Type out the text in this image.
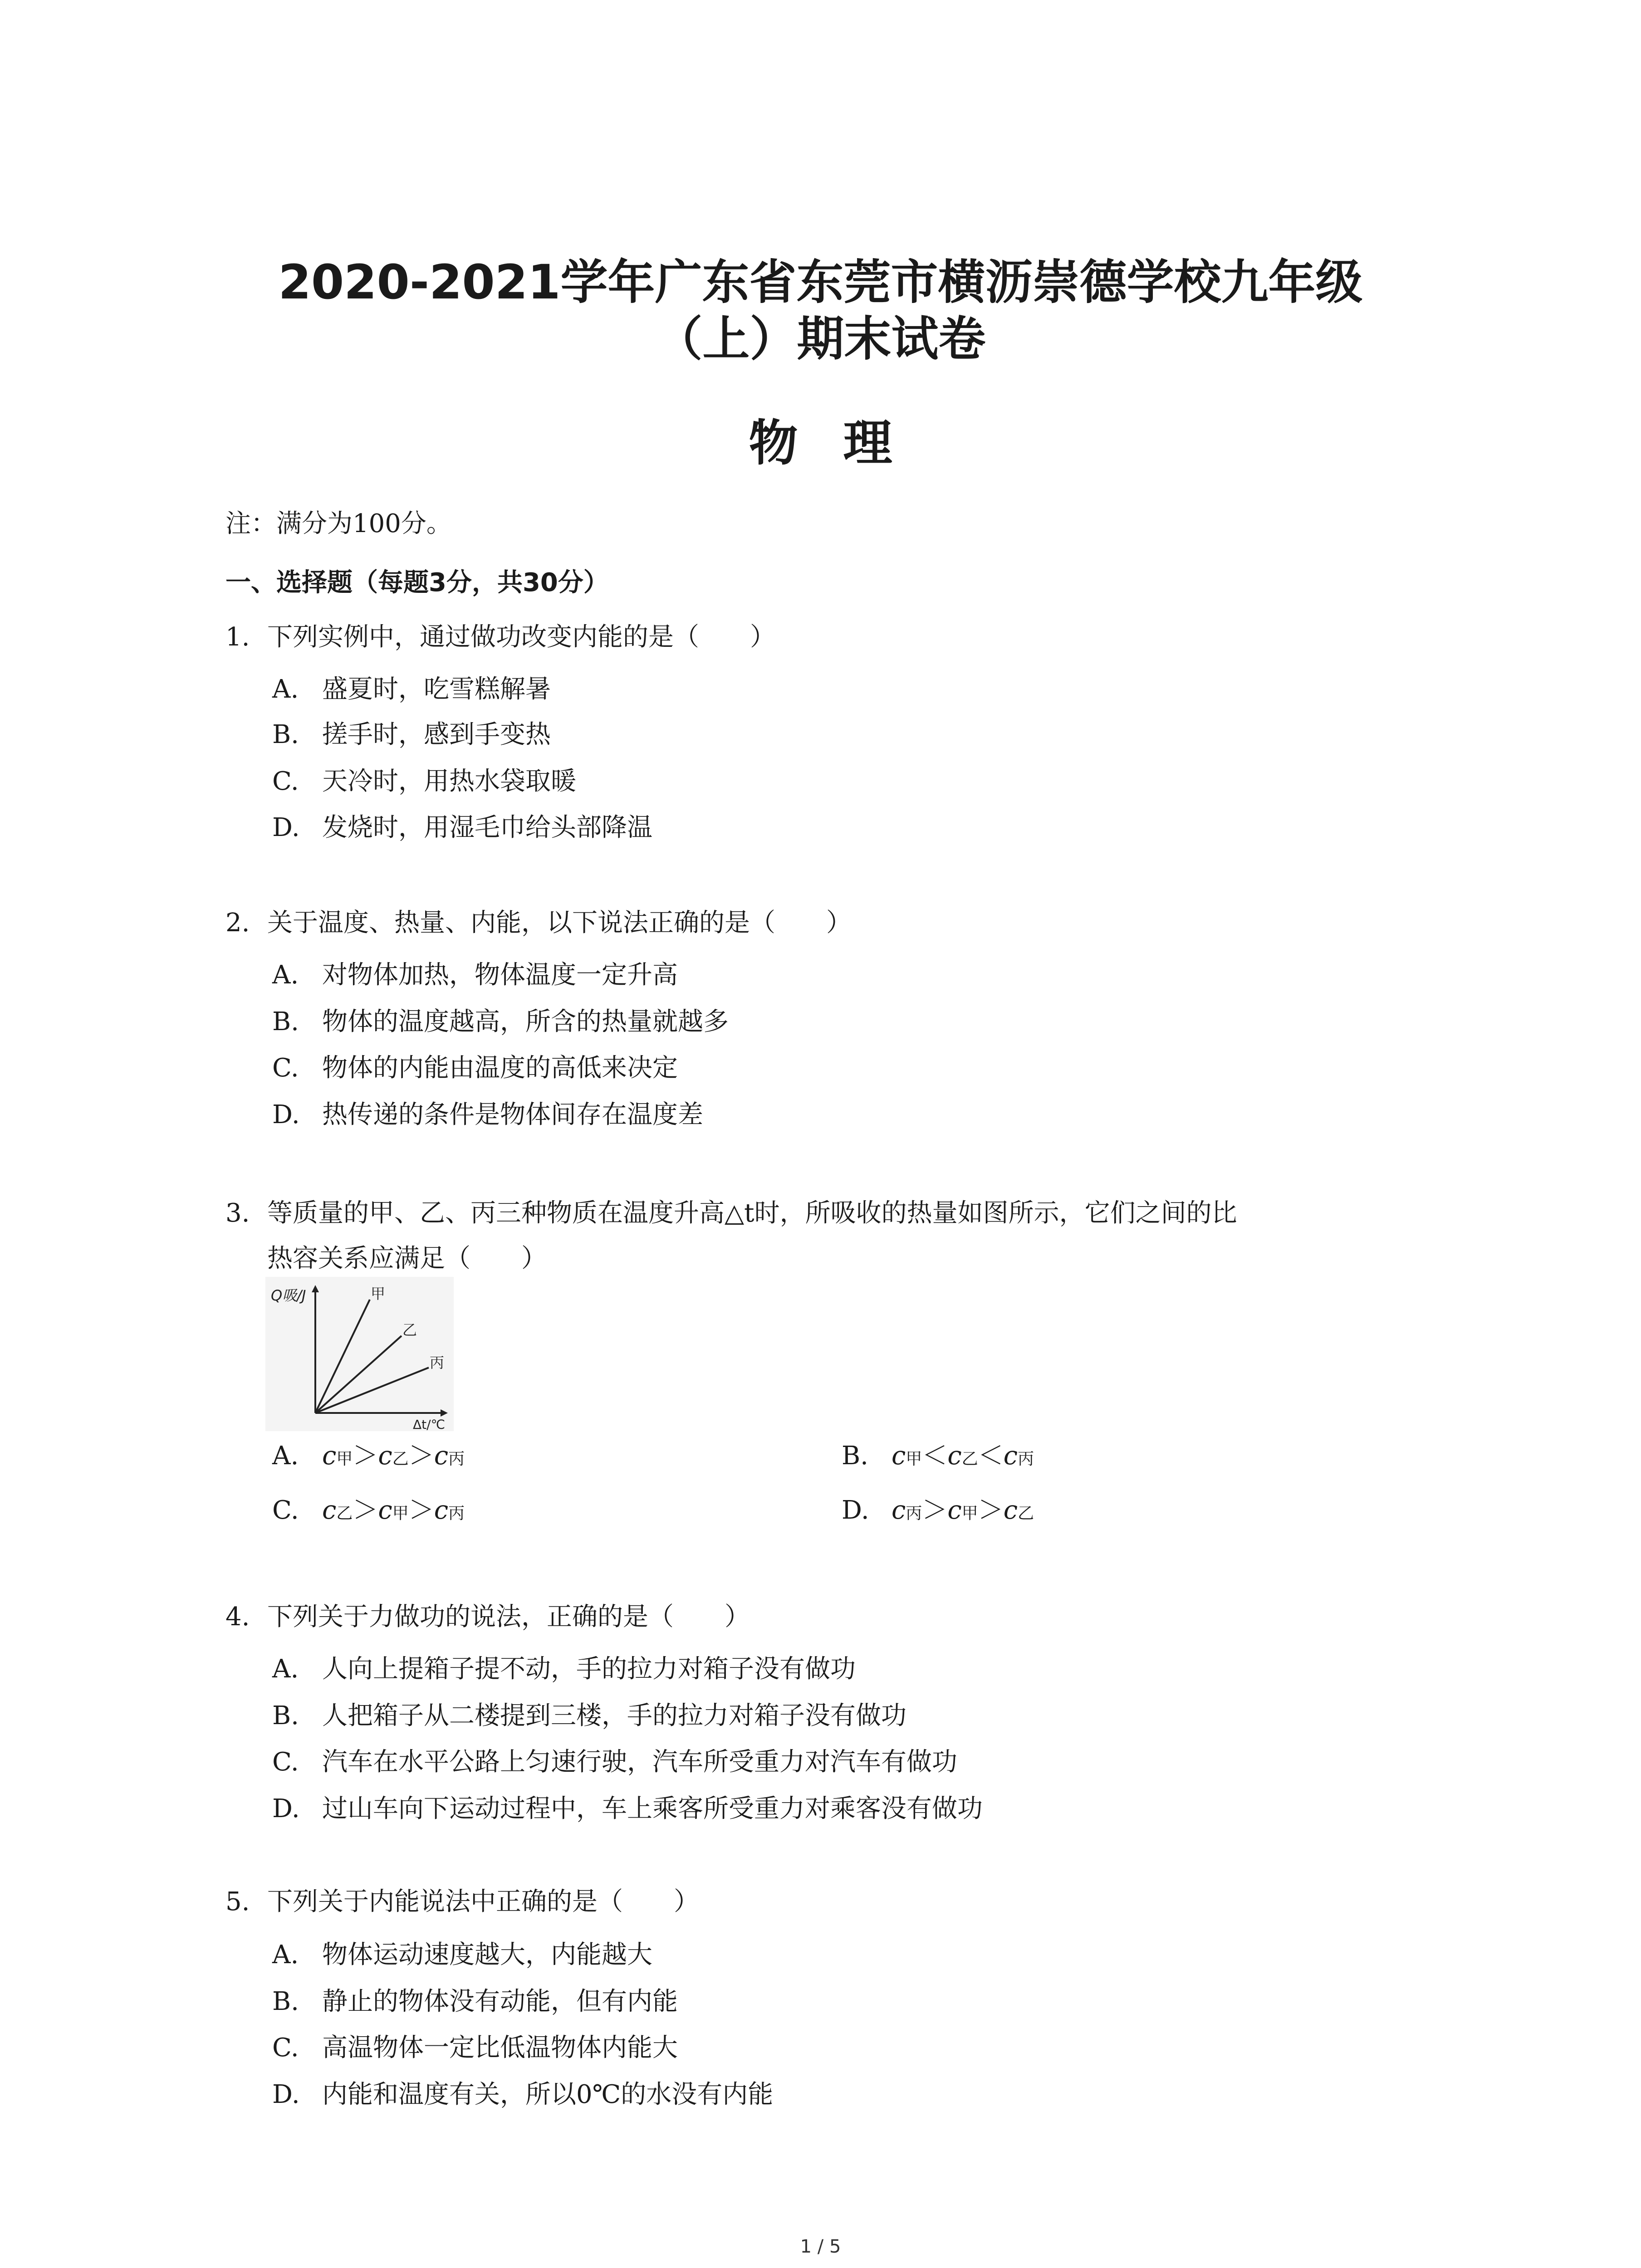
2020-2021学年广东省东莞市横沥崇德学校九年级
（上）期末试卷
物理
注：满分为100分。
一、选择题（每题3分，共30分）
1. 下列实例中，通过做功改变内能的是（　　）
A. 盛夏时，吃雪糕解暑
B. 搓手时，感到手变热
C. 天冷时，用热水袋取暖
D. 发烧时，用湿毛巾给头部降温
2. 关于温度、热量、内能，以下说法正确的是（　　）
A. 对物体加热，物体温度一定升高
B. 物体的温度越高，所含的热量就越多
C. 物体的内能由温度的高低来决定
D. 热传递的条件是物体间存在温度差
3. 等质量的甲、乙、丙三种物质在温度升高△t时，所吸收的热量如图所示，它们之间的比
热容关系应满足（　　）
Q吸/J	甲
乙
丙
Δt/℃
A. c甲＞c乙＞c丙	B. c甲＜c乙＜c丙
C. c乙＞c甲＞c丙	D. c丙＞c甲＞c乙
4. 下列关于力做功的说法，正确的是（　　）
A. 人向上提箱子提不动，手的拉力对箱子没有做功
B. 人把箱子从二楼提到三楼，手的拉力对箱子没有做功
C. 汽车在水平公路上匀速行驶，汽车所受重力对汽车有做功
D. 过山车向下运动过程中，车上乘客所受重力对乘客没有做功
5. 下列关于内能说法中正确的是（　　）
A. 物体运动速度越大，内能越大
B. 静止的物体没有动能，但有内能
C. 高温物体一定比低温物体内能大
D. 内能和温度有关，所以0℃的水没有内能
1 / 5
